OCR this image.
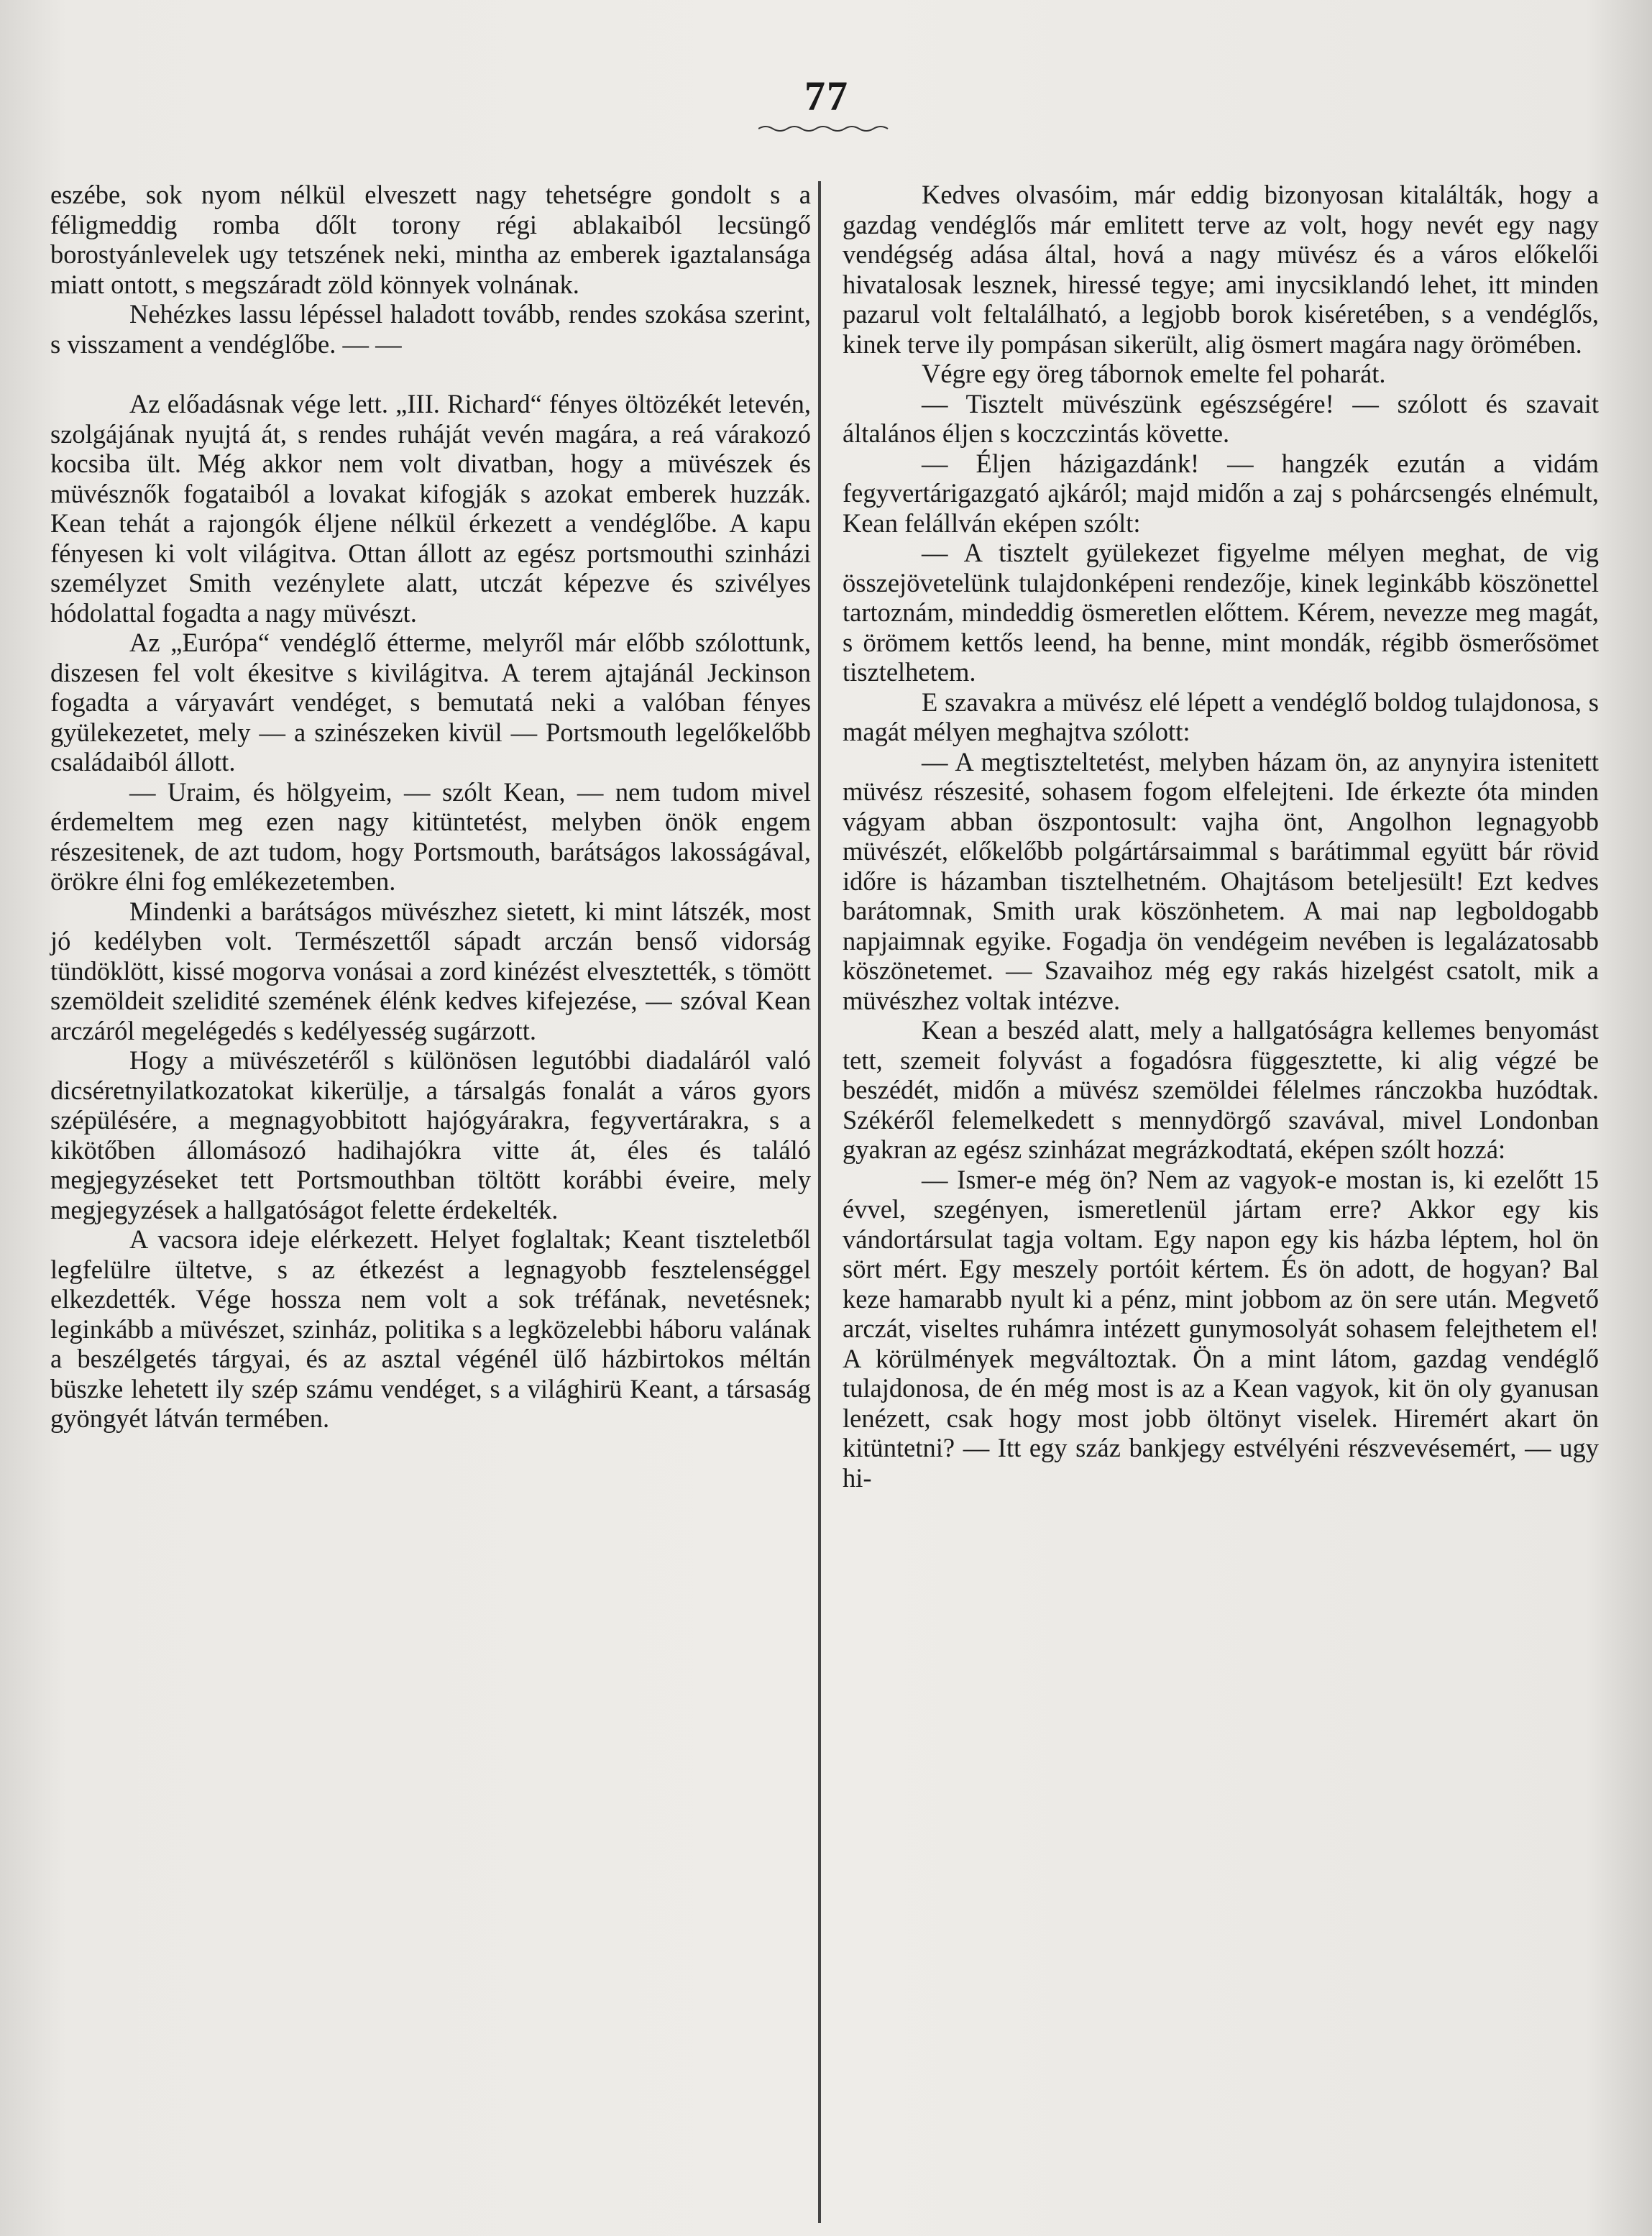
77

eszébe, sok nyom nélkül elveszett nagy tehetségre gondolt s a féligmeddig romba dőlt torony régi ablakaiból lecsüngő borostyánlevelek ugy tetszének neki, mintha az emberek igaztalansága miatt ontott, s megszáradt zöld könnyek volnának.

Nehézkes lassu lépéssel haladott tovább, rendes szokása szerint, s visszament a vendéglőbe. — —

Az előadásnak vége lett. „III. Richard“ fényes öltözékét letevén, szolgájának nyujtá át, s rendes ruháját vevén magára, a reá várakozó kocsiba ült. Még akkor nem volt divatban, hogy a müvészek és müvésznők fogataiból a lovakat kifogják s azokat emberek huzzák. Kean tehát a rajongók éljene nélkül érkezett a vendéglőbe. A kapu fényesen ki volt világitva. Ottan állott az egész portsmouthi szinházi személyzet Smith vezénylete alatt, utczát képezve és szivélyes hódolattal fogadta a nagy müvészt.

Az „Európa“ vendéglő étterme, melyről már előbb szólottunk, diszesen fel volt ékesitve s kivilágitva. A terem ajtajánál Jeckinson fogadta a váryavárt vendéget, s bemutatá neki a valóban fényes gyülekezetet, mely — a szinészeken kivül — Portsmouth legelőkelőbb családaiból állott.

— Uraim, és hölgyeim, — szólt Kean, — nem tudom mivel érdemeltem meg ezen nagy kitüntetést, melyben önök engem részesitenek, de azt tudom, hogy Portsmouth, barátságos lakosságával, örökre élni fog emlékezetemben.

Mindenki a barátságos müvészhez sietett, ki mint látszék, most jó kedélyben volt. Természettől sápadt arczán benső vidorság tündöklött, kissé mogorva vonásai a zord kinézést elvesztették, s tömött szemöldeit szelidité szemének élénk kedves kifejezése, — szóval Kean arczáról megelégedés s kedélyesség sugárzott.

Hogy a müvészetéről s különösen legutóbbi diadaláról való dicséretnyilatkozatokat kikerülje, a társalgás fonalát a város gyors szépülésére, a megnagyobbitott hajógyárakra, fegyvertárakra, s a kikötőben állomásozó hadihajókra vitte át, éles és találó megjegyzéseket tett Portsmouthban töltött korábbi éveire, mely megjegyzések a hallgatóságot felette érdekelték.

A vacsora ideje elérkezett. Helyet foglaltak; Keant tiszteletből legfelülre ültetve, s az étkezést a legnagyobb fesztelenséggel elkezdették. Vége hossza nem volt a sok tréfának, nevetésnek; leginkább a müvészet, szinház, politika s a legközelebbi háboru valának a beszélgetés tárgyai, és az asztal végénél ülő házbirtokos méltán büszke lehetett ily szép számu vendéget, s a világhirü Keant, a társaság gyöngyét látván termében.

Kedves olvasóim, már eddig bizonyosan kitalálták, hogy a gazdag vendéglős már emlitett terve az volt, hogy nevét egy nagy vendégség adása által, hová a nagy müvész és a város előkelői hivatalosak lesznek, hiressé tegye; ami inycsiklandó lehet, itt minden pazarul volt feltalálható, a legjobb borok kiséretében, s a vendéglős, kinek terve ily pompásan sikerült, alig ösmert magára nagy örömében.

Végre egy öreg tábornok emelte fel poharát.

— Tisztelt müvészünk egészségére! — szólott és szavait általános éljen s koczczintás követte.

— Éljen házigazdánk! — hangzék ezután a vidám fegyvertárigazgató ajkáról; majd midőn a zaj s pohárcsengés elnémult, Kean felállván eképen szólt:

— A tisztelt gyülekezet figyelme mélyen meghat, de vig összejövetelünk tulajdonképeni rendezője, kinek leginkább köszönettel tartoznám, mindeddig ösmeretlen előttem. Kérem, nevezze meg magát, s örömem kettős leend, ha benne, mint mondák, régibb ösmerősömet tisztelhetem.

E szavakra a müvész elé lépett a vendéglő boldog tulajdonosa, s magát mélyen meghajtva szólott:

— A megtiszteltetést, melyben házam ön, az anynyira istenitett müvész részesité, sohasem fogom elfelejteni. Ide érkezte óta minden vágyam abban öszpontosult: vajha önt, Angolhon legnagyobb müvészét, előkelőbb polgártársaimmal s barátimmal együtt bár rövid időre is házamban tisztelhetném. Ohajtásom beteljesült! Ezt kedves barátomnak, Smith urak köszönhetem. A mai nap legboldogabb napjaimnak egyike. Fogadja ön vendégeim nevében is legalázatosabb köszönetemet. — Szavaihoz még egy rakás hizelgést csatolt, mik a müvészhez voltak intézve.

Kean a beszéd alatt, mely a hallgatóságra kellemes benyomást tett, szemeit folyvást a fogadósra függesztette, ki alig végzé be beszédét, midőn a müvész szemöldei félelmes ránczokba huzódtak. Székéről felemelkedett s mennydörgő szavával, mivel Londonban gyakran az egész szinházat megrázkodtatá, eképen szólt hozzá:

— Ismer-e még ön? Nem az vagyok-e mostan is, ki ezelőtt 15 évvel, szegényen, ismeretlenül jártam erre? Akkor egy kis vándortársulat tagja voltam. Egy napon egy kis házba léptem, hol ön sört mért. Egy meszely portóit kértem. És ön adott, de hogyan? Bal keze hamarabb nyult ki a pénz, mint jobbom az ön sere után. Megvető arczát, viseltes ruhámra intézett gunymosolyát sohasem felejthetem el! A körülmények megváltoztak. Ön a mint látom, gazdag vendéglő tulajdonosa, de én még most is az a Kean vagyok, kit ön oly gyanusan lenézett, csak hogy most jobb öltönyt viselek. Hiremért akart ön kitüntetni? — Itt egy száz bankjegy estvélyéni részvevésemért, — ugy hi-
